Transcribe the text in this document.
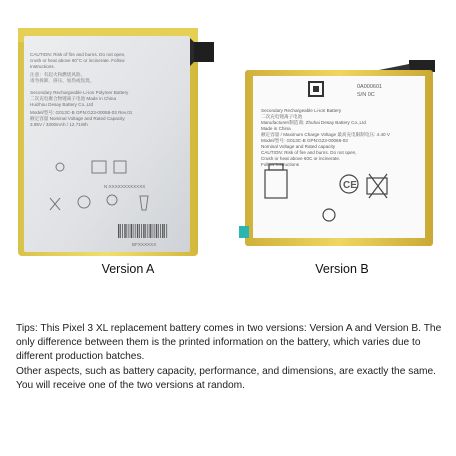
CAUTION: Risk of fire and burns. Do not open,
crush or heat above 60°C or incinerate. Follow
Instructions.
注意：有起火和燃烧风险。
请勿拆卸、挤压、加热或焦烧。
Secondary Rechargeable Li-ion Polymer Battery
二次充电聚合物锂离子电池 Made in China
Huizhou Desay Battery Co.,Ltd
Model/型号: G013C-B GPN:G23-00068-03 Rev.01
额定容量 Nominal Voltage and Rated Capacity
3.85V / 3300mAh / 12.71Wh
N:XXXXXXXXXXXX
BFXXXXXX
0A000601
S/N 0C
Secondary Rechargeable Li-ion Battery
二次充电锂离子电池
Manufacturer/制造商: Zhuhai Desay Battery Co.,Ltd
Made in China
额定容量 / Maximum Charge Voltage 最高充电限制电压: 4.40 V
Model/型号: G013C-B GPN:G23-00068-03
Nominal Voltage and Rated capacity
CAUTION: Risk of fire and burns. Do not open,
Crush or heat above 60C or incinerate.
Follow Instructions
CE
Version A	Version B

Tips: This Pixel 3 XL replacement battery comes in two versions: Version A and Version B. The only difference between them is the printed information on the battery, which varies due to different production batches.

Other aspects, such as battery capacity, performance, and dimensions, are exactly the same. You will receive one of the two versions at random.
